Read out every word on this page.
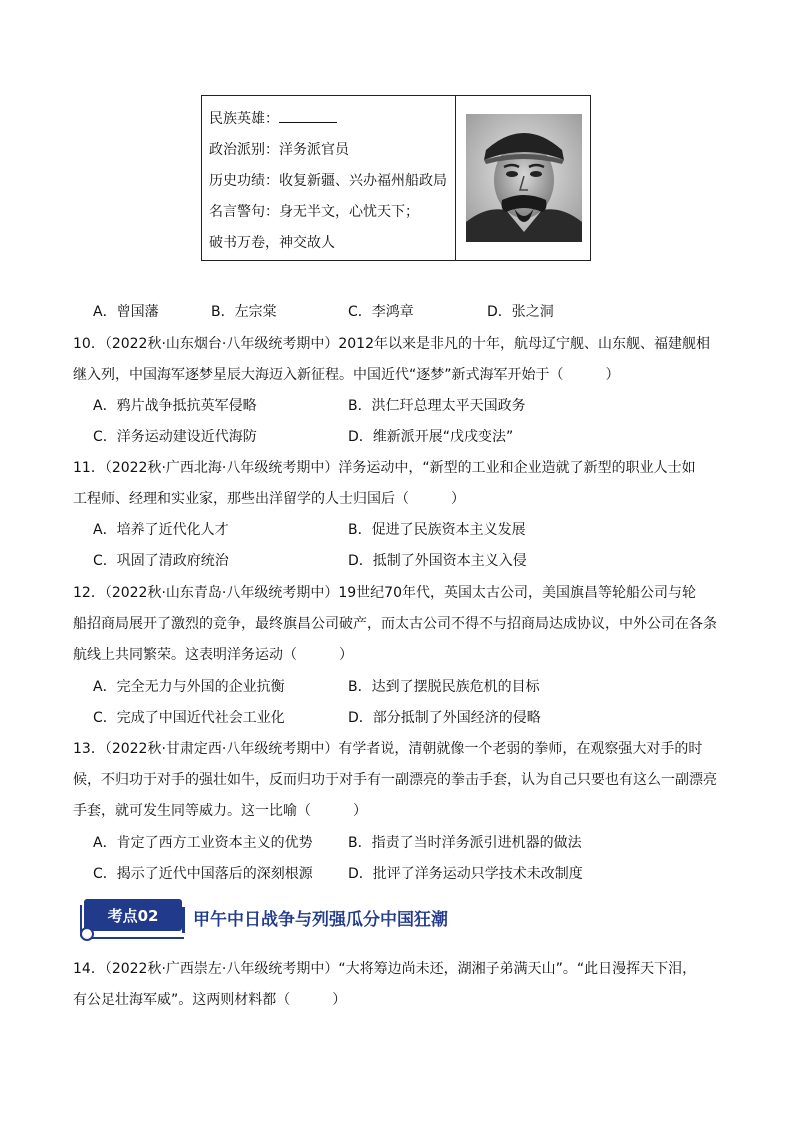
民族英雄：
政治派别：洋务派官员
历史功绩：收复新疆、兴办福州船政局
名言警句：身无半文，心忧天下；
破书万卷，神交故人
A．曾国藩	B．左宗棠	C．李鸿章	D．张之洞
10．（2022秋·山东烟台·八年级统考期中）2012年以来是非凡的十年，航母辽宁舰、山东舰、福建舰相
继入列，中国海军逐梦星辰大海迈入新征程。中国近代“逐梦”新式海军开始于（　　　）
A．鸦片战争抵抗英军侵略	B．洪仁玕总理太平天国政务
C．洋务运动建设近代海防	D．维新派开展“戊戌变法”
11．（2022秋·广西北海·八年级统考期中）洋务运动中，“新型的工业和企业造就了新型的职业人士如
工程师、经理和实业家，那些出洋留学的人士归国后（　　　）
A．培养了近代化人才	B．促进了民族资本主义发展
C．巩固了清政府统治	D．抵制了外国资本主义入侵
12．（2022秋·山东青岛·八年级统考期中）19世纪70年代，英国太古公司，美国旗昌等轮船公司与轮
船招商局展开了激烈的竞争，最终旗昌公司破产，而太古公司不得不与招商局达成协议，中外公司在各条
航线上共同繁荣。这表明洋务运动（　　　）
A．完全无力与外国的企业抗衡	B．达到了摆脱民族危机的目标
C．完成了中国近代社会工业化	D．部分抵制了外国经济的侵略
13．（2022秋·甘肃定西·八年级统考期中）有学者说，清朝就像一个老弱的拳师，在观察强大对手的时
候，不归功于对手的强壮如牛，反而归功于对手有一副漂亮的拳击手套，认为自己只要也有这么一副漂亮
手套，就可发生同等威力。这一比喻（　　　）
A．肯定了西方工业资本主义的优势	B．指责了当时洋务派引进机器的做法
C．揭示了近代中国落后的深刻根源	D．批评了洋务运动只学技术未改制度
考点02	甲午中日战争与列强瓜分中国狂潮
14．（2022秋·广西崇左·八年级统考期中）“大将筹边尚未还，湖湘子弟满天山”。“此日漫挥天下泪，
有公足壮海军威”。这两则材料都（　　　）
